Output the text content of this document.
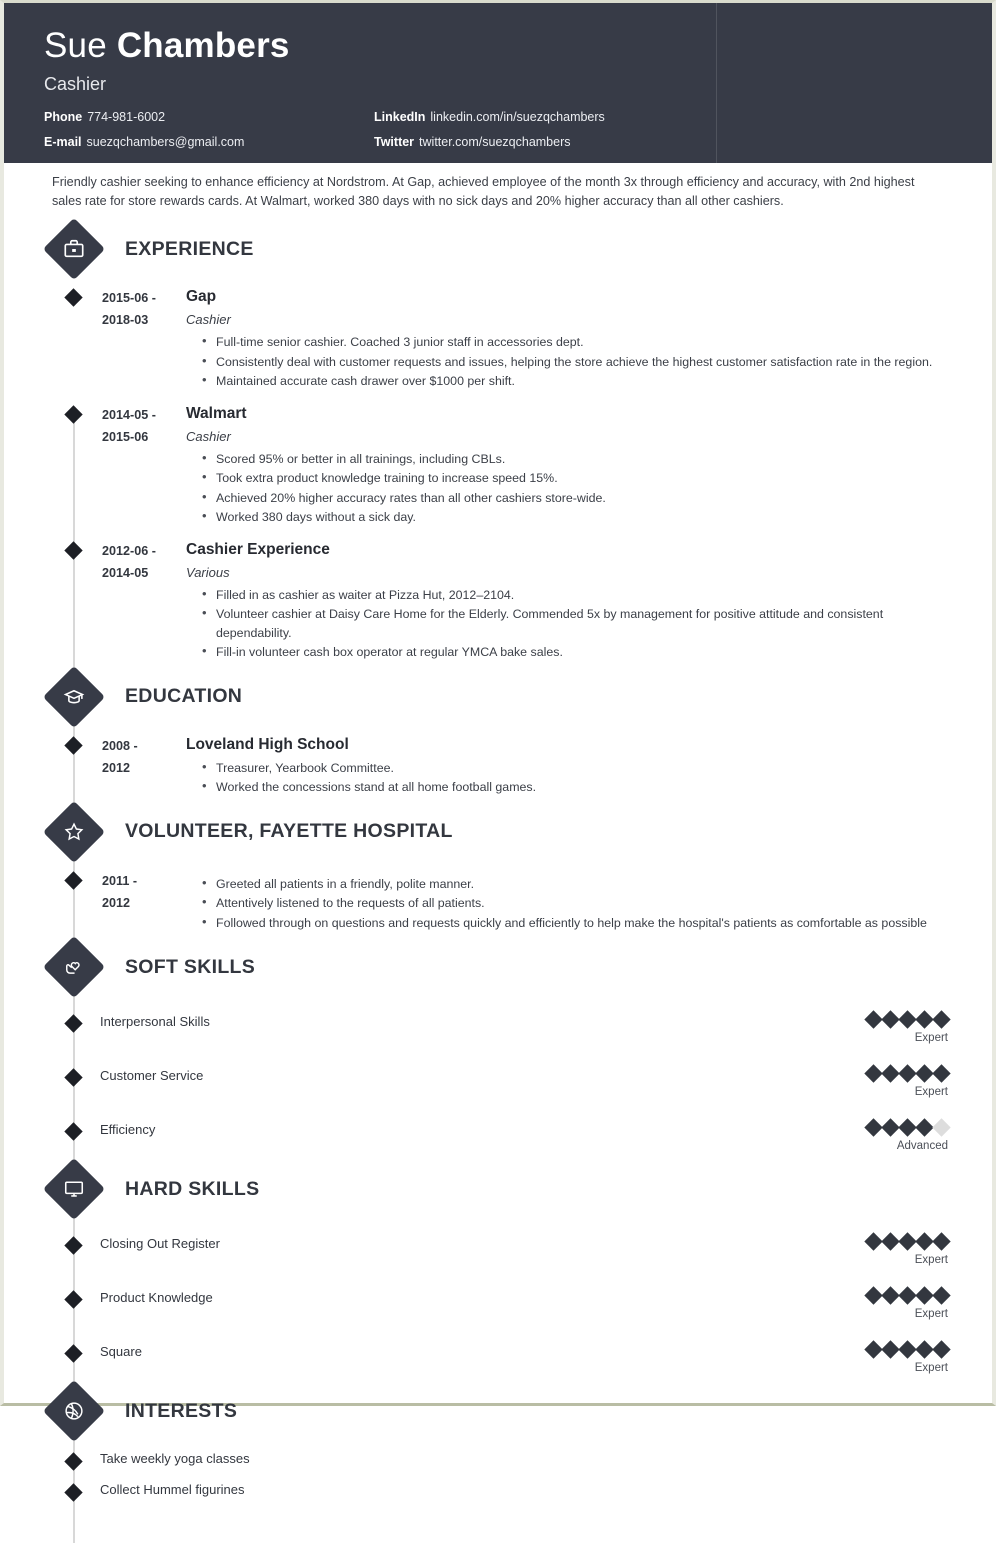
Sue Chambers
Cashier
Phone 774-981-6002	LinkedIn linkedin.com/in/suezqchambers
E-mail suezqchambers@gmail.com	Twitter twitter.com/suezqchambers
Friendly cashier seeking to enhance efficiency at Nordstrom. At Gap, achieved employee of the month 3x through efficiency and accuracy, with 2nd highest sales rate for store rewards cards. At Walmart, worked 380 days with no sick days and 20% higher accuracy than all other cashiers.
EXPERIENCE
2015-06 -
2018-03
Gap
Cashier
• Full-time senior cashier. Coached 3 junior staff in accessories dept.
• Consistently deal with customer requests and issues, helping the store achieve the highest customer satisfaction rate in the region.
• Maintained accurate cash drawer over $1000 per shift.
2014-05 -
2015-06
Walmart
Cashier
• Scored 95% or better in all trainings, including CBLs.
• Took extra product knowledge training to increase speed 15%.
• Achieved 20% higher accuracy rates than all other cashiers store-wide.
• Worked 380 days without a sick day.
2012-06 -
2014-05
Cashier Experience
Various
• Filled in as cashier as waiter at Pizza Hut, 2012–2104.
• Volunteer cashier at Daisy Care Home for the Elderly. Commended 5x by management for positive attitude and consistent dependability.
• Fill-in volunteer cash box operator at regular YMCA bake sales.
EDUCATION
2008 -
2012
Loveland High School
• Treasurer, Yearbook Committee.
• Worked the concessions stand at all home football games.
VOLUNTEER, FAYETTE HOSPITAL
2011 -
2012
• Greeted all patients in a friendly, polite manner.
• Attentively listened to the requests of all patients.
• Followed through on questions and requests quickly and efficiently to help make the hospital's patients as comfortable as possible
SOFT SKILLS
Interpersonal Skills
Expert
Customer Service
Expert
Efficiency
Advanced
HARD SKILLS
Closing Out Register
Expert
Product Knowledge
Expert
Square
Expert
INTERESTS
Take weekly yoga classes
Collect Hummel figurines
